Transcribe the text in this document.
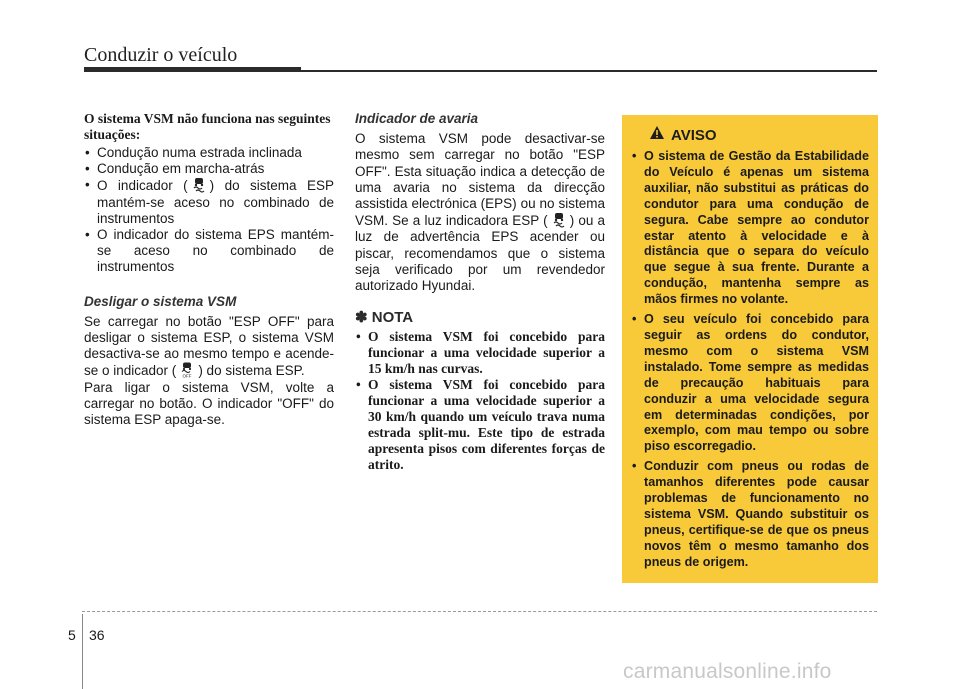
Conduzir o veículo
O sistema VSM não funciona nas seguintes situações:
• Condução numa estrada inclinada
• Condução em marcha-atrás
• O indicador ( ) do sistema ESP mantém-se aceso no combinado de instrumentos
• O indicador do sistema EPS mantém-se aceso no combinado de instrumentos
Desligar o sistema VSM
Se carregar no botão "ESP OFF" para desligar o sistema ESP, o sistema VSM desactiva-se ao mesmo tempo e acende-se o indicador ( OFF ) do sistema ESP.
Para ligar o sistema VSM, volte a carregar no botão. O indicador "OFF" do sistema ESP apaga-se.
Indicador de avaria
O sistema VSM pode desactivar-se mesmo sem carregar no botão "ESP OFF". Esta situação indica a detecção de uma avaria no sistema da direcção assistida electrónica (EPS) ou no sistema VSM. Se a luz indicadora ESP ( ) ou a luz de advertência EPS acender ou piscar, recomendamos que o sistema seja verificado por um revendedor autorizado Hyundai.
✽ NOTA
• O sistema VSM foi concebido para funcionar a uma velocidade superior a 15 km/h nas curvas.
• O sistema VSM foi concebido para funcionar a uma velocidade superior a 30 km/h quando um veículo trava numa estrada split-mu. Este tipo de estrada apresenta pisos com diferentes forças de atrito.
AVISO
• O sistema de Gestão da Estabilidade do Veículo é apenas um sistema auxiliar, não substitui as práticas do condutor para uma condução de segura. Cabe sempre ao condutor estar atento à velocidade e à distância que o separa do veículo que segue à sua frente. Durante a condução, mantenha sempre as mãos firmes no volante.
• O seu veículo foi concebido para seguir as ordens do condutor, mesmo com o sistema VSM instalado. Tome sempre as medidas de precaução habituais para conduzir a uma velocidade segura em determinadas condições, por exemplo, com mau tempo ou sobre piso escorregadio.
• Conduzir com pneus ou rodas de tamanhos diferentes pode causar problemas de funcionamento no sistema VSM. Quando substituir os pneus, certifique-se de que os pneus novos têm o mesmo tamanho dos pneus de origem.
5 36
carmanualsonline.info
